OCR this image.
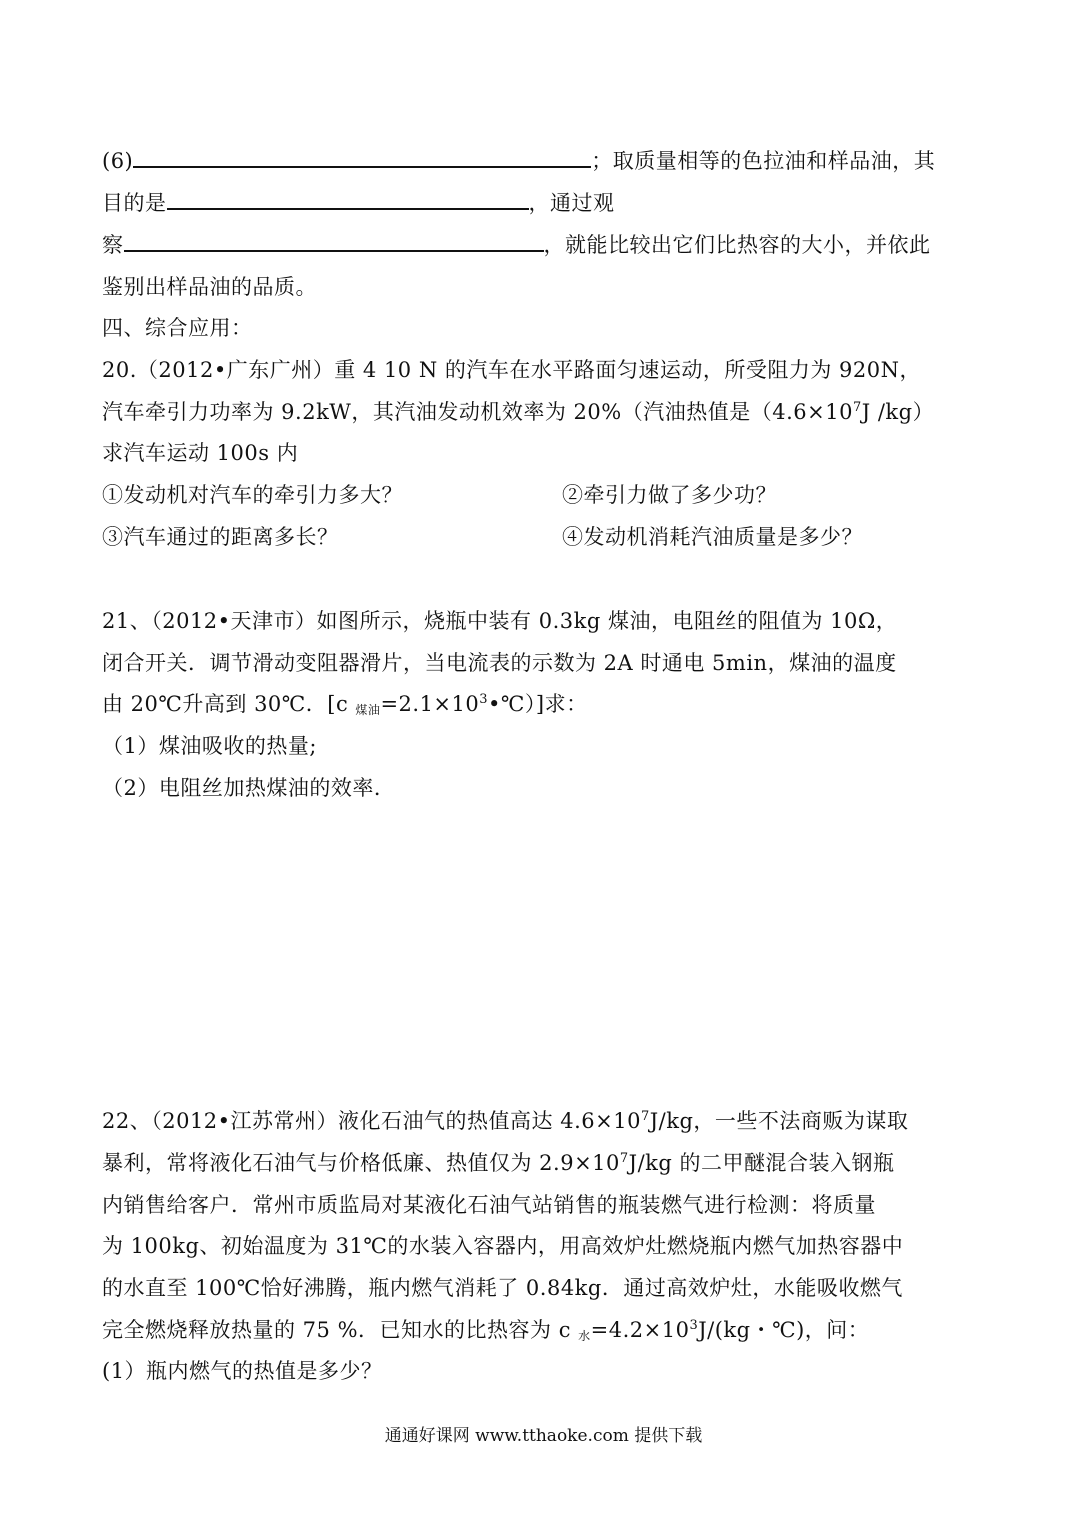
(6)	；取质量相等的色拉油和样品油，其
目的是	，通过观
察	，就能比较出它们比热容的大小，并依此
鉴别出样品油的品质。
四、综合应用：
20.（2012•广东广州）重 4 10 N 的汽车在水平路面匀速运动，所受阻力为 920N，
汽车牵引力功率为 9.2kW，其汽油发动机效率为 20%（汽油热值是（$4.6\times 10^7J$ /kg）
求汽车运动 100s 内
①发动机对汽车的牵引力多大？	②牵引力做了多少功？
③汽车通过的距离多长？	④发动机消耗汽油质量是多少？
21、（2012•天津市）如图所示，烧瓶中装有 0.3kg 煤油，电阻丝的阻值为 10Ω，
闭合开关．调节滑动变阻器滑片，当电流表的示数为 2A 时通电 5min，煤油的温度
由 20℃升高到 30℃．[c $_{煤油}=2.1\times 10^3•℃$）]求：
（1）煤油吸收的热量;
（2）电阻丝加热煤油的效率．
22、（2012•江苏常州）液化石油气的热值高达 $4.6\times 10^7J/kg$，一些不法商贩为谋取
暴利，常将液化石油气与价格低廉、热值仅为 $2.9\times 10^7J/kg$ 的二甲醚混合装入钢瓶
内销售给客户．常州市质监局对某液化石油气站销售的瓶装燃气进行检测：将质量
为 100kg、初始温度为 31℃的水装入容器内，用高效炉灶燃烧瓶内燃气加热容器中
的水直至 100℃恰好沸腾，瓶内燃气消耗了 0.84kg．通过高效炉灶，水能吸收燃气
完全燃烧释放热量的 75 %．已知水的比热容为 c $_水=4.2\times 10^3J/(kg$・℃)，问：
(1）瓶内燃气的热值是多少？
通通好课网 www.tthaoke.com 提供下载
